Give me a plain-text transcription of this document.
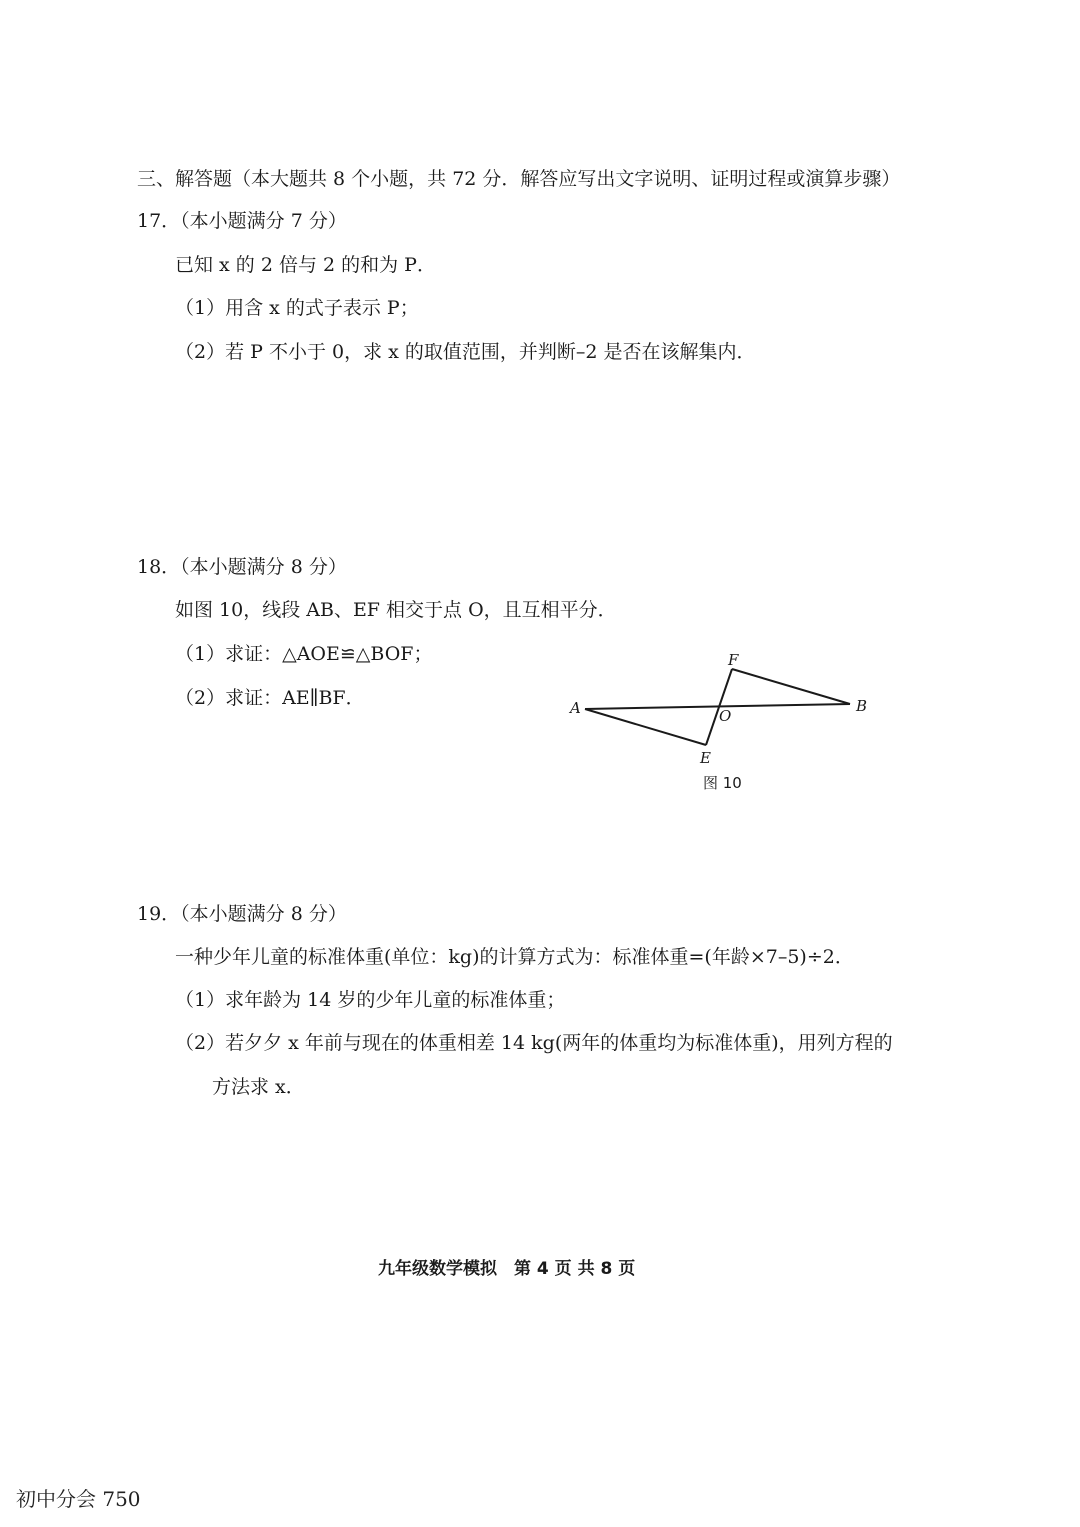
三、解答题（本大题共 8 个小题，共 72 分．解答应写出文字说明、证明过程或演算步骤）
17．（本小题满分 7 分）
已知 x 的 2 倍与 2 的和为 P．
（1）用含 x 的式子表示 P；
（2）若 P 不小于 0，求 x 的取值范围，并判断–2 是否在该解集内．
18．（本小题满分 8 分）
如图 10，线段 AB、EF 相交于点 O，且互相平分．
（1）求证：△AOE≌△BOF；
（2）求证：AE∥BF．	A	B
E
F
O
图 10
19．（本小题满分 8 分）
一种少年儿童的标准体重(单位：kg)的计算方式为：标准体重=(年龄×7–5)÷2．
（1）求年龄为 14 岁的少年儿童的标准体重；
（2）若夕夕 x 年前与现在的体重相差 14 kg(两年的体重均为标准体重)，用列方程的
方法求 x．
九年级数学模拟　第 4 页 共 8 页
初中分会 750
